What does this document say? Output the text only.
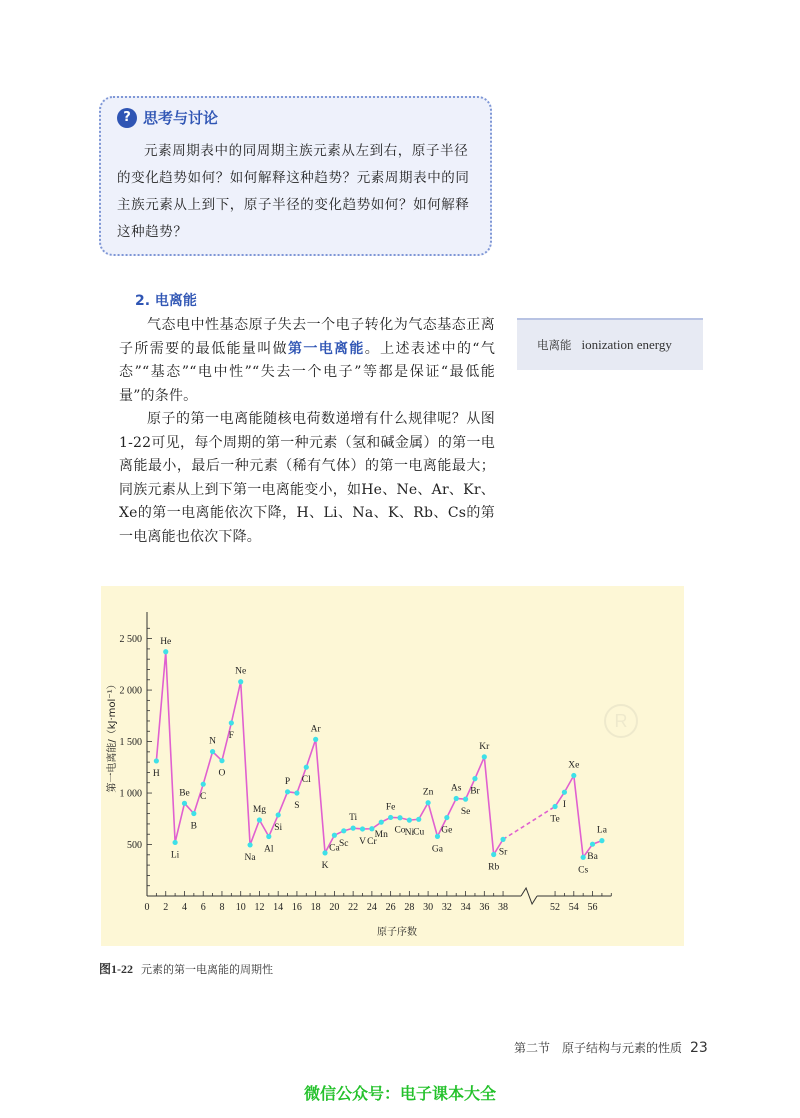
? 思考与讨论
元素周期表中的同周期主族元素从左到右，原子半径的变化趋势如何？如何解释这种趋势？元素周期表中的同主族元素从上到下，原子半径的变化趋势如何？如何解释这种趋势？
2. 电离能
气态电中性基态原子失去一个电子转化为气态基态正离子所需要的最低能量叫做第一电离能。上述表述中的“气态”“基态”“电中性”“失去一个电子”等都是保证“最低能量”的条件。
电离能 ionization energy
原子的第一电离能随核电荷数递增有什么规律呢？从图1-22可见，每个周期的第一种元素（氢和碱金属）的第一电离能最小，最后一种元素（稀有气体）的第一电离能最大；同族元素从上到下第一电离能变小，如He、Ne、Ar、Kr、Xe的第一电离能依次下降，H、Li、Na、K、Rb、Cs的第一电离能也依次下降。
R
0 2 4 6 8 10 12 14 16 18 20 22 24 26 28 30 32 34 36 38	52 54 56
500
1 000
1 500
2 000
2 500
H
He
Li
Be
B
C
N
O
F
Ne
Na
Mg
Al
Si
P
S
Cl
Ar
K
Ca Sc
Ti
V Cr
Mn
Fe
Co Ni Cu
Zn
Ga
Ge
As
Se
Br
Kr
Rb
Sr
Te
I
Xe
Cs
Ba
La
第一电离能/（kJ·mol⁻¹）
原子序数
图1-22 元素的第一电离能的周期性
第二节　原子结构与元素的性质 23
微信公众号：电子课本大全
